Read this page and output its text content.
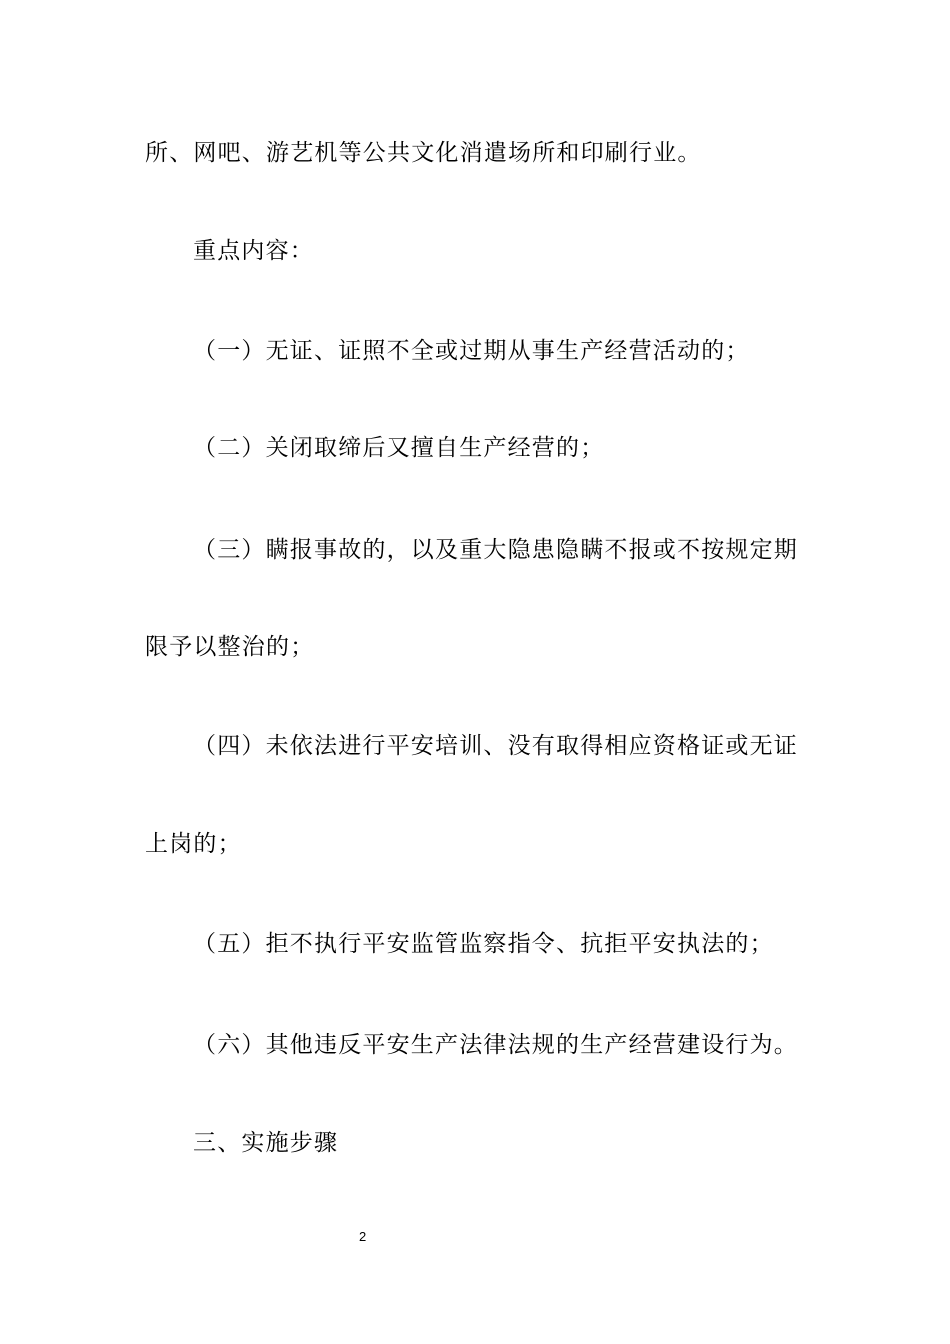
所、网吧、游艺机等公共文化消遣场所和印刷行业。
重点内容：
（一）无证、证照不全或过期从事生产经营活动的；
（二）关闭取缔后又擅自生产经营的；
（三）瞒报事故的，以及重大隐患隐瞒不报或不按规定期
限予以整治的；
（四）未依法进行平安培训、没有取得相应资格证或无证
上岗的；
（五）拒不执行平安监管监察指令、抗拒平安执法的；
（六）其他违反平安生产法律法规的生产经营建设行为。
三、实施步骤
2
